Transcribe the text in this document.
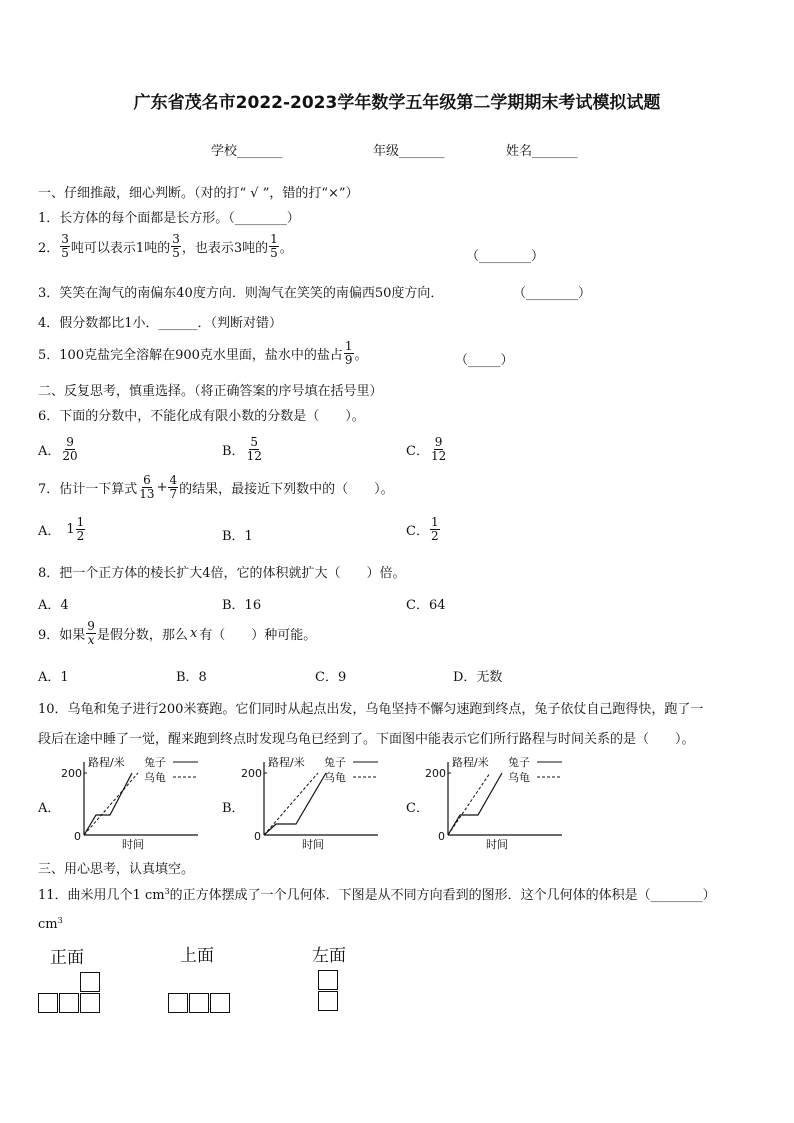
广东省茂名市2022-2023学年数学五年级第二学期期末考试模拟试题
学校_______	年级_______	姓名_______
一、仔细推敲，细心判断。（对的打“ √ ”，错的打“×”）
1．长方体的每个面都是长方形。（________）
2． $\frac{3}{5}$ 吨可以表示1吨的 $\frac{3}{5}$ ，也表示3吨的 $\frac{1}{5}$ 。
（________）
3．笑笑在淘气的南偏东40度方向．则淘气在笑笑的南偏西50度方向．	（________）
4．假分数都比1小．______．（判断对错）
5．100克盐完全溶解在900克水里面，盐水中的盐占 $\frac{1}{9}$ 。	（_____）
二、反复思考，慎重选择。（将正确答案的序号填在括号里）
6．下面的分数中，不能化成有限小数的分数是（　　）。
A． $\frac{9}{20}$	B． $\frac{5}{12}$	C． $\frac{9}{12}$
7．估计一下算式 $\frac{6}{13} + \frac{4}{7}$ 的结果，最接近下列数中的（　　）。
A． $1 \frac{1}{2}$	B．1	C． $\frac{1}{2}$
8．把一个正方体的棱长扩大4倍，它的体积就扩大（　　）倍。
A．4	B．16	C．64
9．如果 $\frac{9}{x}$ 是假分数，那么 x 有（　　）种可能。
A．1	B．8	C．9	D．无数
10．乌龟和兔子进行200米赛跑。它们同时从起点出发，乌龟坚持不懈匀速跑到终点，兔子依仗自己跑得快，跑了一
段后在途中睡了一觉，醒来跑到终点时发现乌龟已经到了。下面图中能表示它们所行路程与时间关系的是（　　）。
A．	B．	C．
200
0
路程/米
时间
兔子
乌龟	200
0
路程/米
时间
兔子
乌龟	200
0
路程/米
时间
兔子
乌龟
三、用心思考，认真填空。
11．曲米用几个1 $cm^3$的正方体摆成了一个几何体．下图是从不同方向看到的图形．这个几何体的体积是（________）
$cm^3$
正面	上面	左面
